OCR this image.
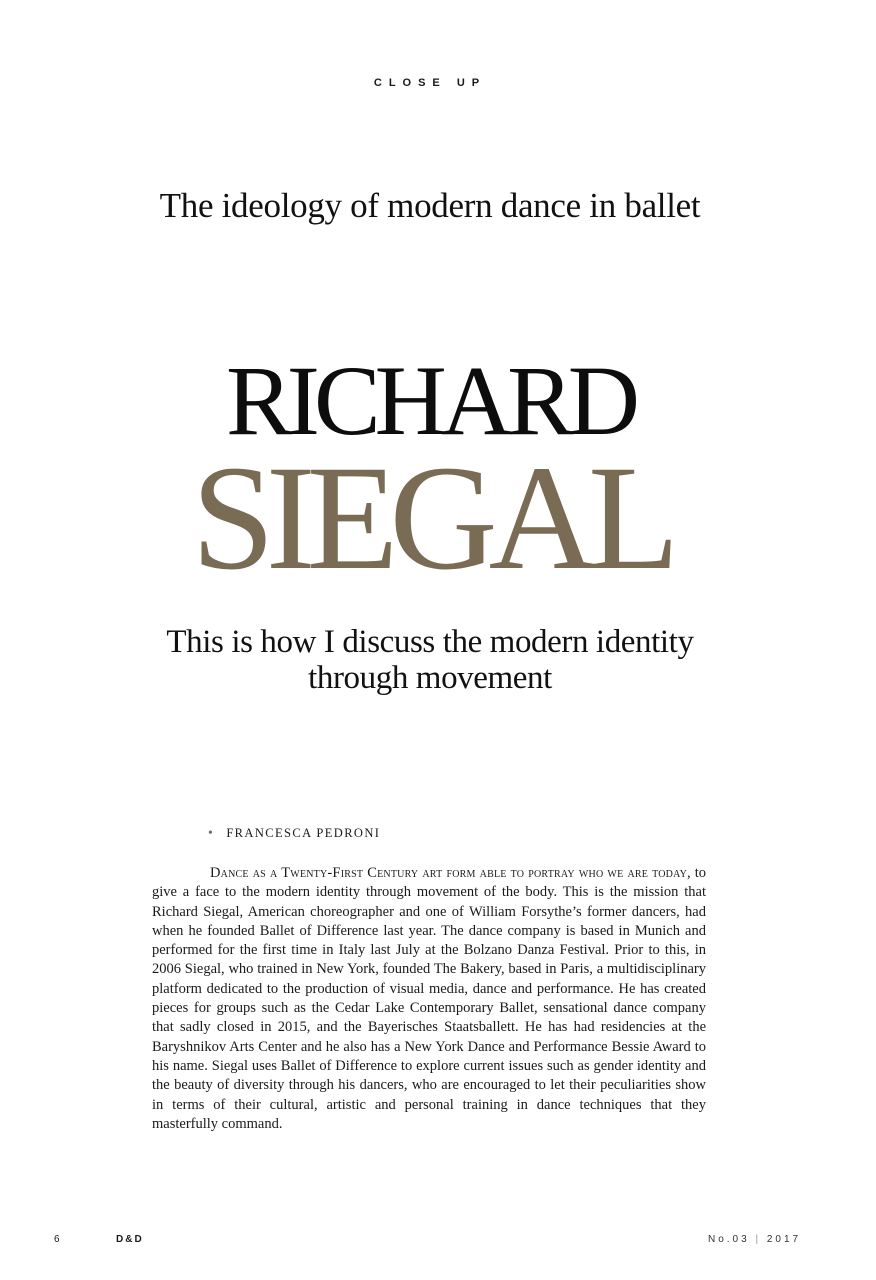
CLOSE UP
The ideology of modern dance in ballet
RICHARD
SIEGAL
This is how I discuss the modern identity through movement
• FRANCESCA PEDRONI

Dance as a Twenty-First Century art form able to portray who we are today, to give a face to the modern identity through movement of the body. This is the mission that Richard Siegal, American choreographer and one of William Forsythe’s former dancers, had when he founded Ballet of Difference last year. The dance company is based in Munich and performed for the first time in Italy last July at the Bolzano Danza Festival. Prior to this, in 2006 Siegal, who trained in New York, founded The Bakery, based in Paris, a multidisciplinary platform dedicated to the production of visual media, dance and performance. He has created pieces for groups such as the Cedar Lake Contemporary Ballet, sensational dance company that sadly closed in 2015, and the Bayerisches Staatsballett. He has had residencies at the Baryshnikov Arts Center and he also has a New York Dance and Performance Bessie Award to his name. Siegal uses Ballet of Difference to explore current issues such as gender identity and the beauty of diversity through his dancers, who are encouraged to let their peculiarities show in terms of their cultural, artistic and personal training in dance techniques that they masterfully command.

6	D&D	No.03 | 2017
